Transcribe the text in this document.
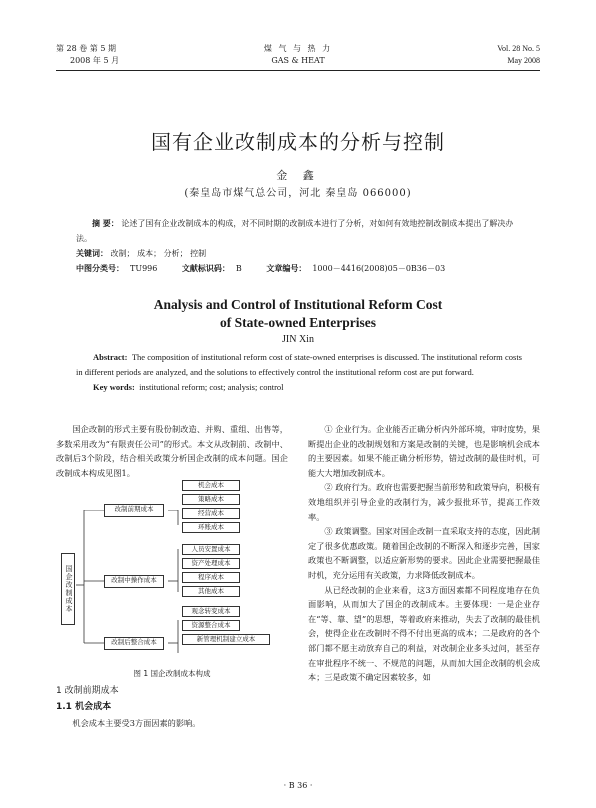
第 28 卷 第 5 期
2008 年 5 月
煤 气 与 热 力
GAS & HEAT
Vol. 28 No. 5
May 2008
国有企业改制成本的分析与控制
金 鑫
(秦皇岛市煤气总公司，河北 秦皇岛 066000)
摘 要： 论述了国有企业改制成本的构成，对不同时期的改制成本进行了分析，对如何有效地控制改制成本提出了解决办法。
关键词： 改制； 成本； 分析； 控制
中图分类号： TU996	文献标识码： B	文章编号： 1000－4416(2008)05－0B36－03
Analysis and Control of Institutional Reform Cost
of State-owned Enterprises
JIN Xin
Abstract: The composition of institutional reform cost of state-owned enterprises is discussed. The institutional reform costs in different periods are analyzed, and the solutions to effectively control the institutional reform cost are put forward.
Key words: institutional reform; cost; analysis; control

国企改制的形式主要有股份制改造、并购、重组、出售等，多数采用改为“有限责任公司”的形式。本文从改制前、改制中、改制后3个阶段，结合相关政策分析国企改制的成本问题。国企改制成本构成见图1。

国企改制成本
改制前期成本
改制中操作成本
改制后整合成本
机会成本
策略成本
经营成本
环账成本
人员安置成本
资产处理成本
程序成本
其他成本
观念转变成本
资源整合成本
新管理机制建立成本
图 1 国企改制成本构成
1 改制前期成本
1.1 机会成本

机会成本主要受3方面因素的影响。

① 企业行为。企业能否正确分析内外部环境，审时度势，果断提出企业的改制规划和方案是改制的关键，也是影响机会成本的主要因素。如果不能正确分析形势，错过改制的最佳时机，可能大大增加改制成本。

② 政府行为。政府也需要把握当前形势和政策导向，积极有效地组织并引导企业的改制行为，减少报批环节，提高工作效率。

③ 政策调整。国家对国企改制一直采取支持的态度，因此制定了很多优惠政策。随着国企改制的不断深入和逐步完善，国家政策也不断调整，以适应新形势的要求。因此企业需要把握最佳时机，充分运用有关政策，力求降低改制成本。

从已经改制的企业来看，这3方面因素都不同程度地存在负面影响，从而加大了国企的改制成本。主要体现：一是企业存在“等、靠、望”的思想，等着政府来推动，失去了改制的最佳机会，使得企业在改制时不得不付出更高的成本；二是政府的各个部门都不愿主动放弃自己的利益，对改制企业多头过问，甚至存在审批程序不统一、不规范的问题，从而加大国企改制的机会成本；三是政策不确定因素较多，如

· B 36 ·
